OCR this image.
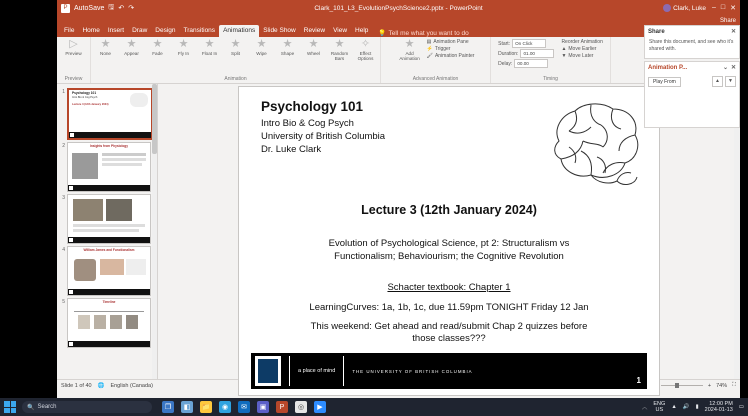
P AutoSave 🖫 ↶ ↷	Clark_101_L3_EvolutionPsychScience2.pptx - PowerPoint	Clark, Luke – □ ✕
Share
File	Home	Insert	Draw	Design	Transitions	Animations	Slide Show	Review	View	Help	💡 Tell me what you want to do
▷
Preview
Preview
★
None
★
Appear
★
Fade
★
Fly In
★
Float In
★
Split
★
Wipe
★
Shape
★
Wheel
★
Random Bars
✧
Effect Options
Animation
★
Add Animation
▤ Animation Pane
⚡ Trigger
🖌 Animation Painter
Advanced Animation
Start:	On Click
Duration:	01.00
Delay:	00.00
Reorder Animation
▲ Move Earlier
▼ Move Later
Timing
1	Psychology 101
Intro Bio & Cog Psych
Lecture 3 (12th January 2024)
2	Insights from Physiology
3
4	William James and Functionalism
5	Timeline
Psychology 101
Intro Bio & Cog Psych
University of British Columbia
Dr. Luke Clark
Lecture 3 (12th January 2024)
Evolution of Psychological Science, pt 2: Structuralism vs
Functionalism; Behaviourism; the Cognitive Revolution
Schacter textbook: Chapter 1
LearningCurves: 1a, 1b, 1c, due 11.59pm TONIGHT Friday 12 Jan
This weekend: Get ahead and read/submit Chap 2 quizzes before
those classes???
a place of mind	THE UNIVERSITY OF BRITISH COLUMBIA
1
Slide 1 of 40 🌐 English (Canada)	+ 74% ⛶
Share	✕
Share this document, and see who it's shared with.
Animation P...	⌄ ✕
Play From	▲	▼
🔍 Search	❐	◧	📁	◉	✉	▣	P	◎	▶	︿
ENG
US	▲ 🔊 ▮
12:00 PM
2024-01-13 ▭
